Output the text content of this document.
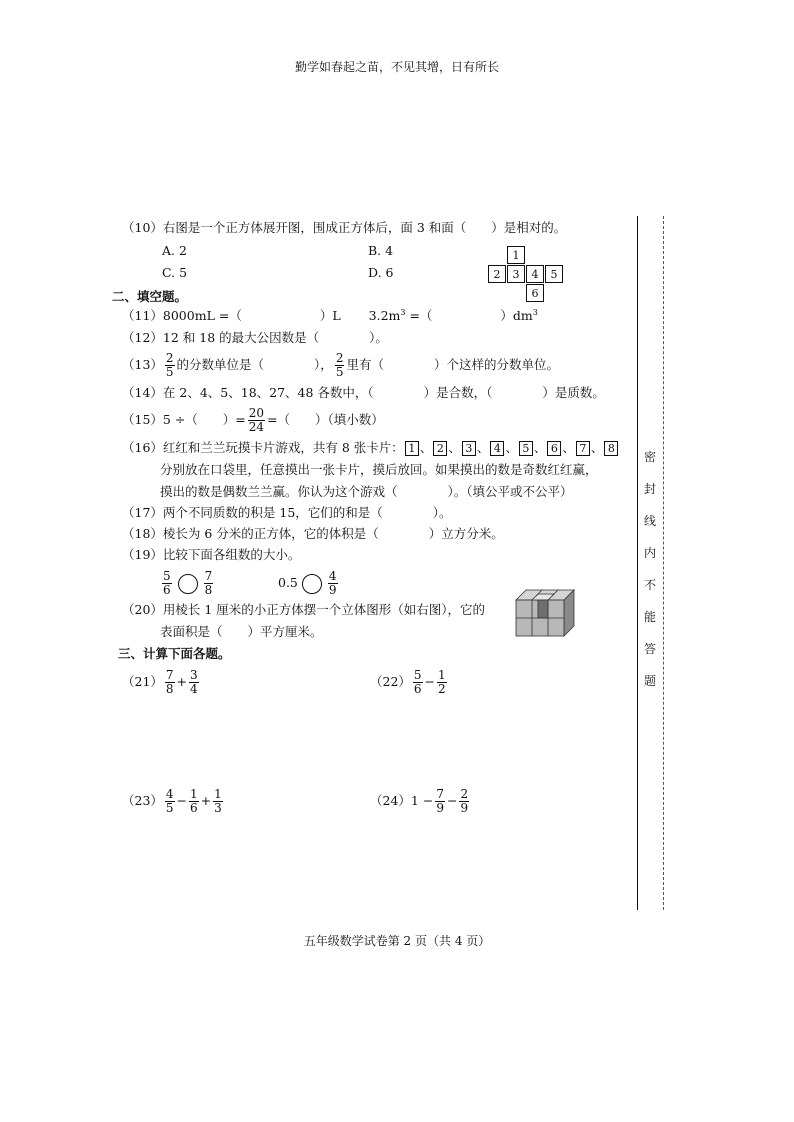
勤学如春起之苗，不见其增，日有所长
（10）右图是一个正方体展开图，围成正方体后，面 3 和面（　　）是相对的。
A. 2	B. 4
C. 5	D. 6
1
2	3	4	5
6
二、填空题。
（11）8000mL =（	）L $3.2m^3$ =（	）$dm^3$
（12）12 和 18 的最大公因数是（　　　　）。
$(13) \frac{2}{5}$ 的分数单位是（　　　　）， $\frac{2}{5}$ 里有（　　　　）个这样的分数单位。
（14）在 2、4、5、18、27、48 各数中，（　　　　）是合数，（　　　　）是质数。
（15）5 ÷（　　）= $\frac{20}{24}$ =（　　）（填小数）
（16）红红和兰兰玩摸卡片游戏，共有 8 张卡片： 1 、 2 、 3 、 4 、 5 、 6 、 7 、 8
分别放在口袋里，任意摸出一张卡片，摸后放回。如果摸出的数是奇数红红赢，
摸出的数是偶数兰兰赢。你认为这个游戏（　　　　）。（填公平或不公平）
（17）两个不同质数的积是 15，它们的和是（　　　　）。
（18）棱长为 6 分米的正方体，它的体积是（　　　　）立方分米。
（19）比较下面各组数的大小。
$\frac{5}{6}$	$\frac{7}{8}$	0.5	$\frac{4}{9}$
（20）用棱长 1 厘米的小正方体摆一个立体图形（如右图），它的
表面积是（　　）平方厘米。
三、计算下面各题。
$(21) \frac{7}{8} + \frac{3}{4}$	$(22) \frac{5}{6} - \frac{1}{2}$
$(23) \frac{4}{5} - \frac{1}{6} + \frac{1}{3}$	$(24)1 - \frac{7}{9} - \frac{2}{9}$
密
封
线
内
不
能
答
题
五年级数学试卷第 2 页（共 4 页）
